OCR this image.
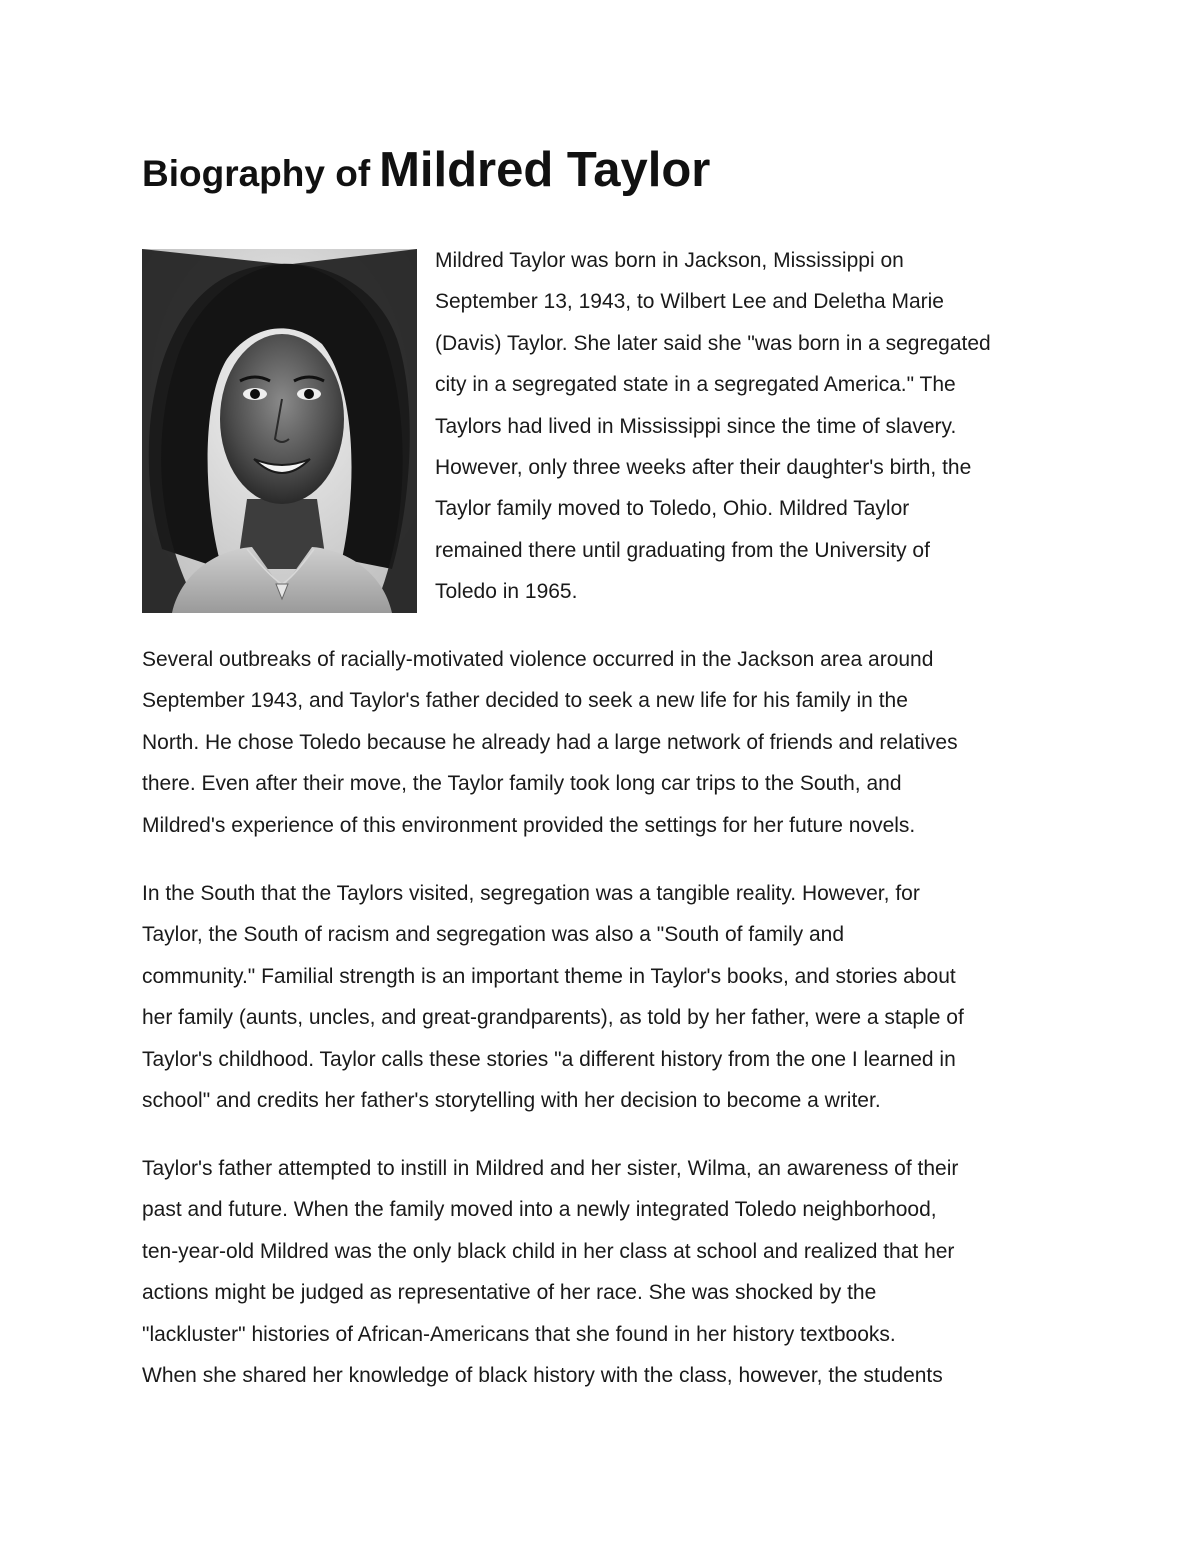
Biography of Mildred Taylor
Mildred Taylor was born in Jackson, Mississippi on
September 13, 1943, to Wilbert Lee and Deletha Marie
(Davis) Taylor. She later said she "was born in a segregated
city in a segregated state in a segregated America." The
Taylors had lived in Mississippi since the time of slavery.
However, only three weeks after their daughter's birth, the
Taylor family moved to Toledo, Ohio. Mildred Taylor
remained there until graduating from the University of
Toledo in 1965.
Several outbreaks of racially-motivated violence occurred in the Jackson area around
September 1943, and Taylor's father decided to seek a new life for his family in the
North. He chose Toledo because he already had a large network of friends and relatives
there. Even after their move, the Taylor family took long car trips to the South, and
Mildred's experience of this environment provided the settings for her future novels.
In the South that the Taylors visited, segregation was a tangible reality. However, for
Taylor, the South of racism and segregation was also a "South of family and
community." Familial strength is an important theme in Taylor's books, and stories about
her family (aunts, uncles, and great-grandparents), as told by her father, were a staple of
Taylor's childhood. Taylor calls these stories "a different history from the one I learned in
school" and credits her father's storytelling with her decision to become a writer.
Taylor's father attempted to instill in Mildred and her sister, Wilma, an awareness of their
past and future. When the family moved into a newly integrated Toledo neighborhood,
ten-year-old Mildred was the only black child in her class at school and realized that her
actions might be judged as representative of her race. She was shocked by the
"lackluster" histories of African-Americans that she found in her history textbooks.
When she shared her knowledge of black history with the class, however, the students
